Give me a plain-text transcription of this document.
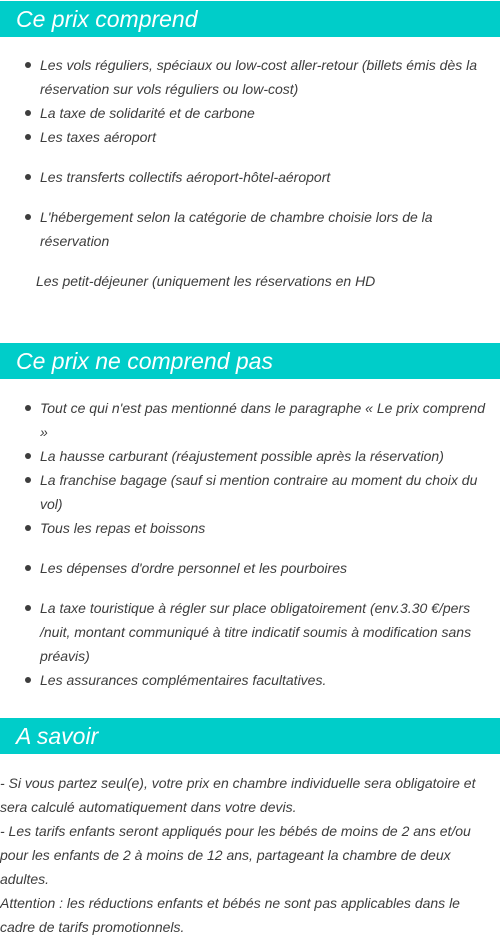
Ce prix comprend
Les vols réguliers, spéciaux ou low-cost aller-retour (billets émis dès la réservation sur vols réguliers ou low-cost)
La taxe de solidarité et de carbone
Les taxes aéroport
Les transferts collectifs aéroport-hôtel-aéroport
L'hébergement selon la catégorie de chambre choisie lors de la réservation
Les petit-déjeuner (uniquement les réservations en HD
Ce prix ne comprend pas
Tout ce qui n'est pas mentionné dans le paragraphe « Le prix comprend »
La hausse carburant (réajustement possible après la réservation)
La franchise bagage (sauf si mention contraire au moment du choix du vol)
Tous les repas et boissons
Les dépenses d'ordre personnel et les pourboires
La taxe touristique à régler sur place obligatoirement (env.3.30 €/pers /nuit, montant communiqué à titre indicatif soumis à modification sans préavis)
Les assurances complémentaires facultatives.
A savoir

- Si vous partez seul(e), votre prix en chambre individuelle sera obligatoire et sera calculé automatiquement dans votre devis.

- Les tarifs enfants seront appliqués pour les bébés de moins de 2 ans et/ou pour les enfants de 2 à moins de 12 ans, partageant la chambre de deux adultes.

Attention : les réductions enfants et bébés ne sont pas applicables dans le cadre de tarifs promotionnels.
